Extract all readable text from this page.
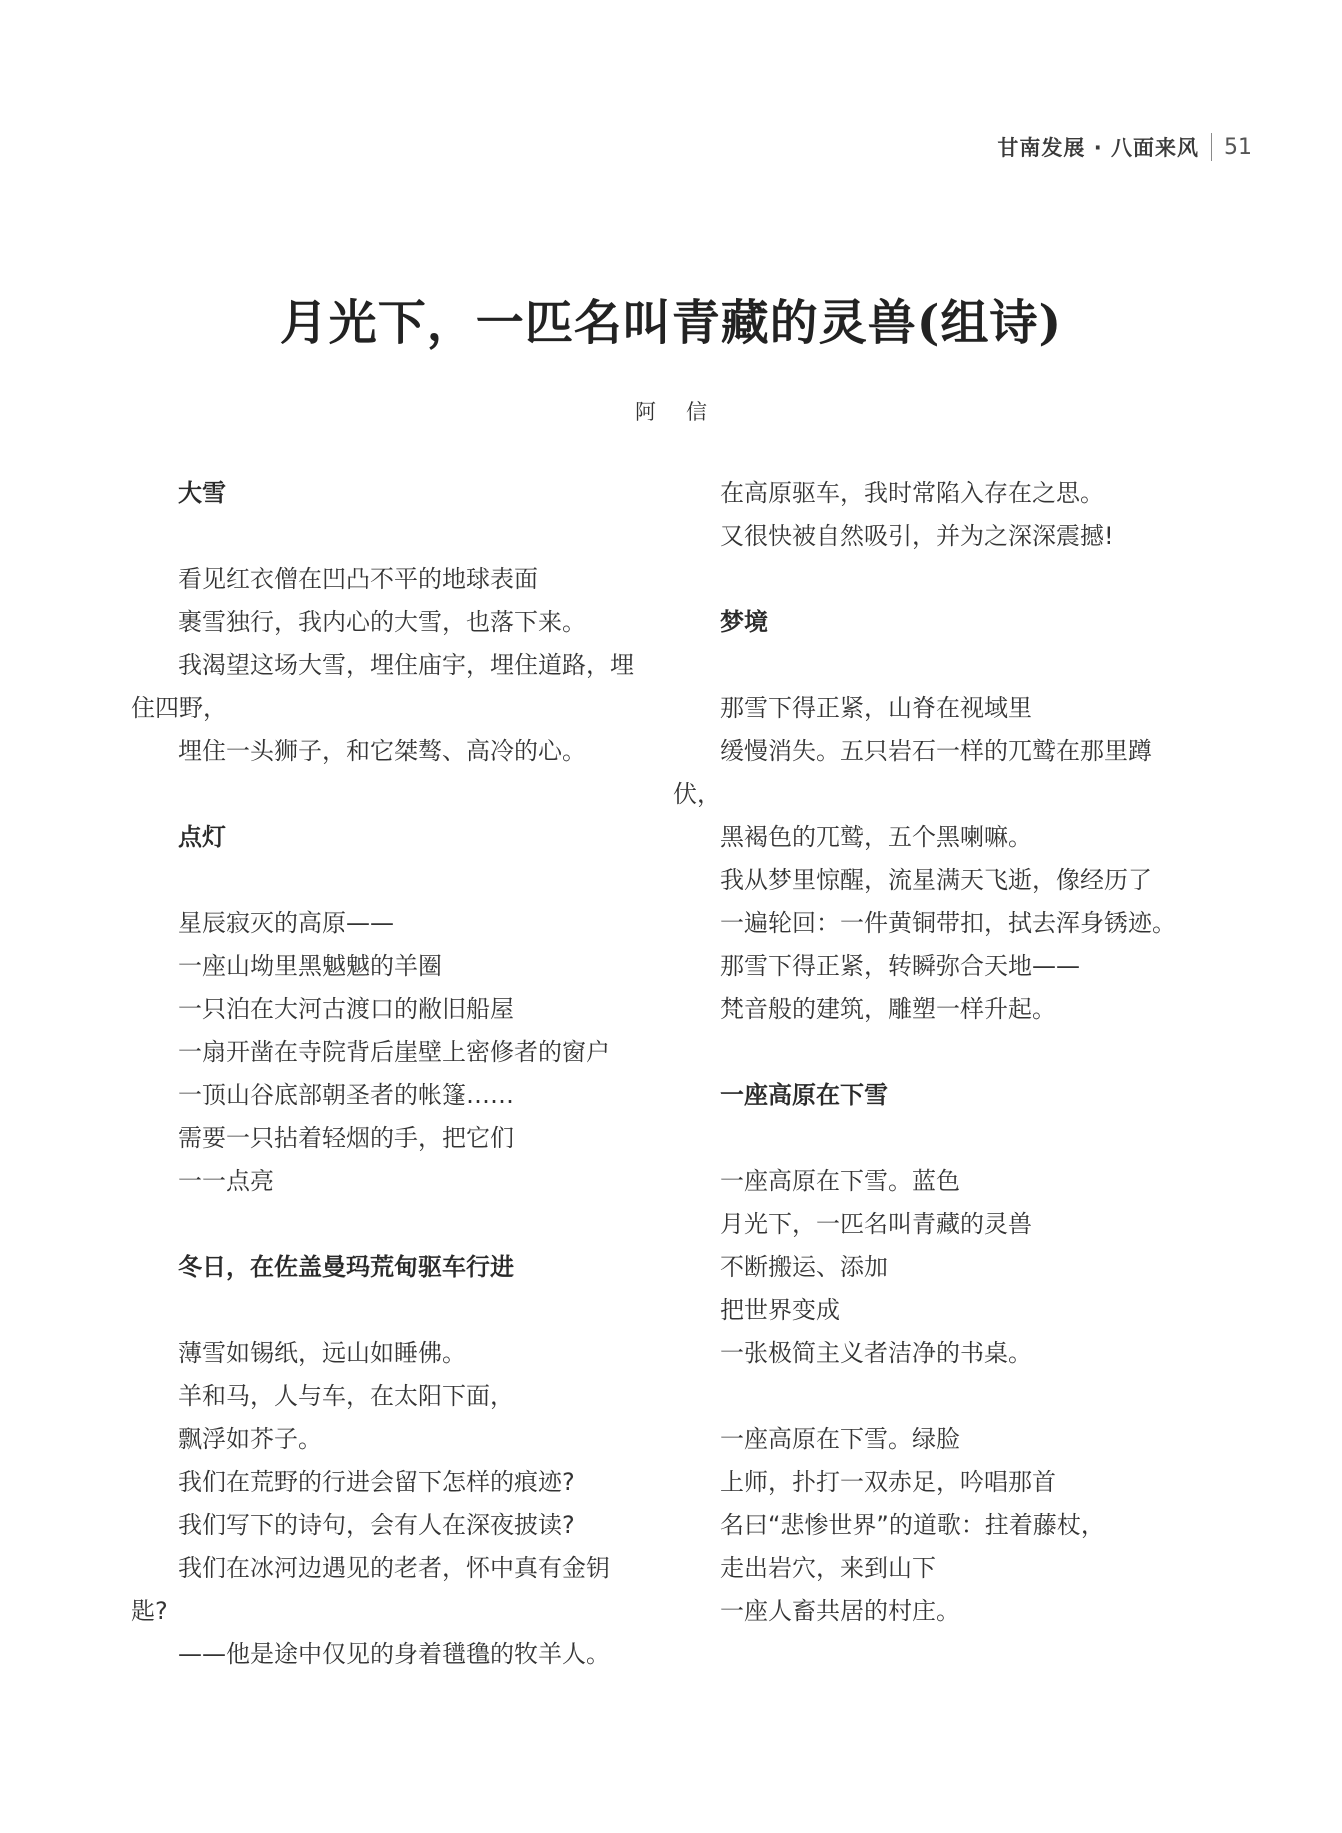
甘南发展 · 八面来风 51
月光下，一匹名叫青藏的灵兽(组诗)
阿信
大雪
看见红衣僧在凹凸不平的地球表面
裹雪独行，我内心的大雪，也落下来。
我渴望这场大雪，埋住庙宇，埋住道路，埋
住四野，
埋住一头狮子，和它桀骜、高冷的心。
点灯
星辰寂灭的高原——
一座山坳里黑魆魆的羊圈
一只泊在大河古渡口的敝旧船屋
一扇开凿在寺院背后崖壁上密修者的窗户
一顶山谷底部朝圣者的帐篷……
需要一只拈着轻烟的手，把它们
一一点亮
冬日，在佐盖曼玛荒甸驱车行进
薄雪如锡纸，远山如睡佛。
羊和马，人与车，在太阳下面，
飘浮如芥子。
我们在荒野的行进会留下怎样的痕迹?
我们写下的诗句，会有人在深夜披读?
我们在冰河边遇见的老者，怀中真有金钥
匙?
——他是途中仅见的身着氆氇的牧羊人。
在高原驱车，我时常陷入存在之思。
又很快被自然吸引，并为之深深震撼!
梦境
那雪下得正紧，山脊在视域里
缓慢消失。五只岩石一样的兀鹫在那里蹲
伏，
黑褐色的兀鹫，五个黑喇嘛。
我从梦里惊醒，流星满天飞逝，像经历了
一遍轮回：一件黄铜带扣，拭去浑身锈迹。
那雪下得正紧，转瞬弥合天地——
梵音般的建筑，雕塑一样升起。
一座高原在下雪
一座高原在下雪。蓝色
月光下，一匹名叫青藏的灵兽
不断搬运、添加
把世界变成
一张极简主义者洁净的书桌。
一座高原在下雪。绿脸
上师，扑打一双赤足，吟唱那首
名曰“悲惨世界”的道歌：拄着藤杖，
走出岩穴，来到山下
一座人畜共居的村庄。
